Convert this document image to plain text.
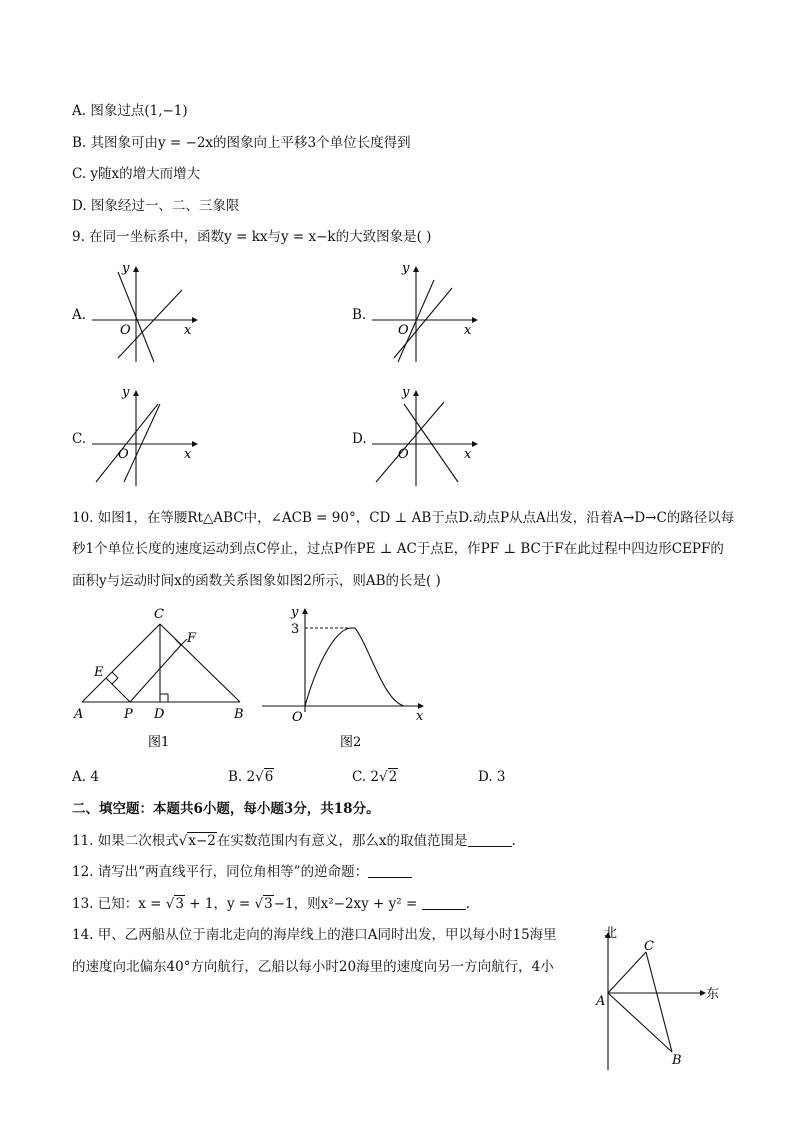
A. 图象过点(1,−1)
B. 其图象可由y = −2x的图象向上平移3个单位长度得到
C. y随x的增大而增大
D. 图象经过一、二、三象限
9. 在同一坐标系中，函数y = kx与y = x−k的大致图象是( )
A.
y
O	x
B.
y
O	x
C.
y
O	x
D.
y
O	x
10. 如图1，在等腰Rt△ABC中，∠ACB = 90°，CD ⊥ AB于点D.动点P从点A出发，沿着A→D→C的路径以每
秒1个单位长度的速度运动到点C停止，过点P作PE ⊥ AC于点E，作PF ⊥ BC于F在此过程中四边形CEPF的
面积y与运动时间x的函数关系图象如图2所示，则AB的长是( )
C
F
E
A	P D	B
图1
y
3
O	x
图2
A. 4	B. 2√6	C. 2√2	D. 3
二、填空题：本题共6小题，每小题3分，共18分。
11. 如果二次根式√x−2在实数范围内有意义，那么x的取值范围是	.
12. 请写出“两直线平行，同位角相等”的逆命题：
13. 已知：x = √3 + 1，y = √3−1，则x²−2xy + y² =	.
14. 甲、乙两船从位于南北走向的海岸线上的港口A同时出发，甲以每小时15海里
的速度向北偏东40°方向航行，乙船以每小时20海里的速度向另一方向航行，4小
北
东
A
C
B
